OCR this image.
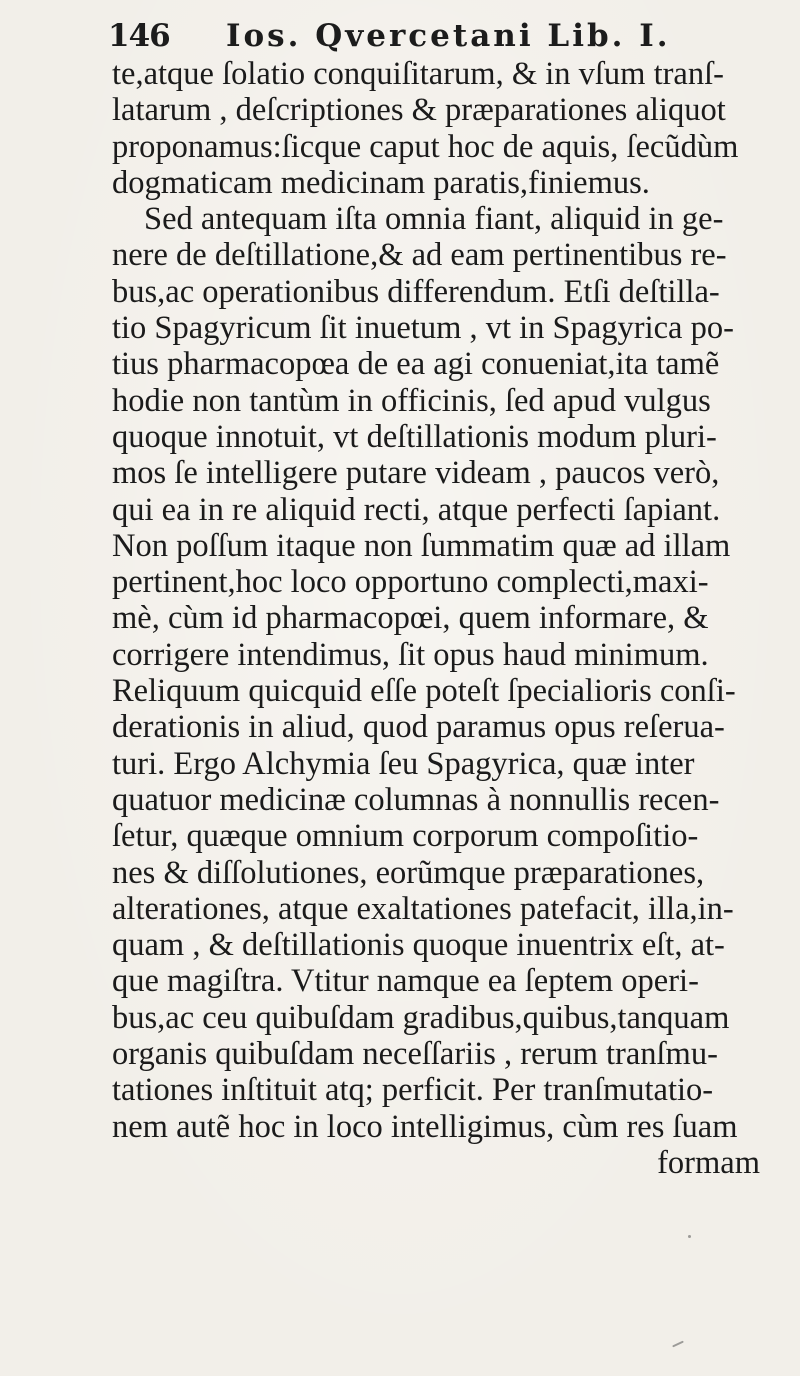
146 Ios. Qvercetani Lib. I.
te,atque ſolatio conquiſitarum, & in vſum tranſ-
latarum , deſcriptiones & præparationes aliquot
proponamus:ſicque caput hoc de aquis, ſecũdùm
dogmaticam medicinam paratis,finiemus.
Sed antequam iſta omnia fiant, aliquid in ge-
nere de deſtillatione,& ad eam pertinentibus re-
bus,ac operationibus differendum. Etſi deſtilla-
tio Spagyricum ſit inuetum , vt in Spagyrica po-
tius pharmacopœa de ea agi conueniat,ita tamẽ
hodie non tantùm in officinis, ſed apud vulgus
quoque innotuit, vt deſtillationis modum pluri-
mos ſe intelligere putare videam , paucos verò,
qui ea in re aliquid recti, atque perfecti ſapiant.
Non poſſum itaque non ſummatim quæ ad illam
pertinent,hoc loco opportuno complecti,maxi-
mè, cùm id pharmacopœi, quem informare, &
corrigere intendimus, ſit opus haud minimum.
Reliquum quicquid eſſe poteſt ſpecialioris conſi-
derationis in aliud, quod paramus opus reſerua-
turi. Ergo Alchymia ſeu Spagyrica, quæ inter
quatuor medicinæ columnas à nonnullis recen-
ſetur, quæque omnium corporum compoſitio-
nes & diſſolutiones, eorũmque præparationes,
alterationes, atque exaltationes patefacit, illa,in-
quam , & deſtillationis quoque inuentrix eſt, at-
que magiſtra. Vtitur namque ea ſeptem operi-
bus,ac ceu quibuſdam gradibus,quibus,tanquam
organis quibuſdam neceſſariis , rerum tranſmu-
tationes inſtituit atq; perficit. Per tranſmutatio-
nem autẽ hoc in loco intelligimus, cùm res ſuam
formam
